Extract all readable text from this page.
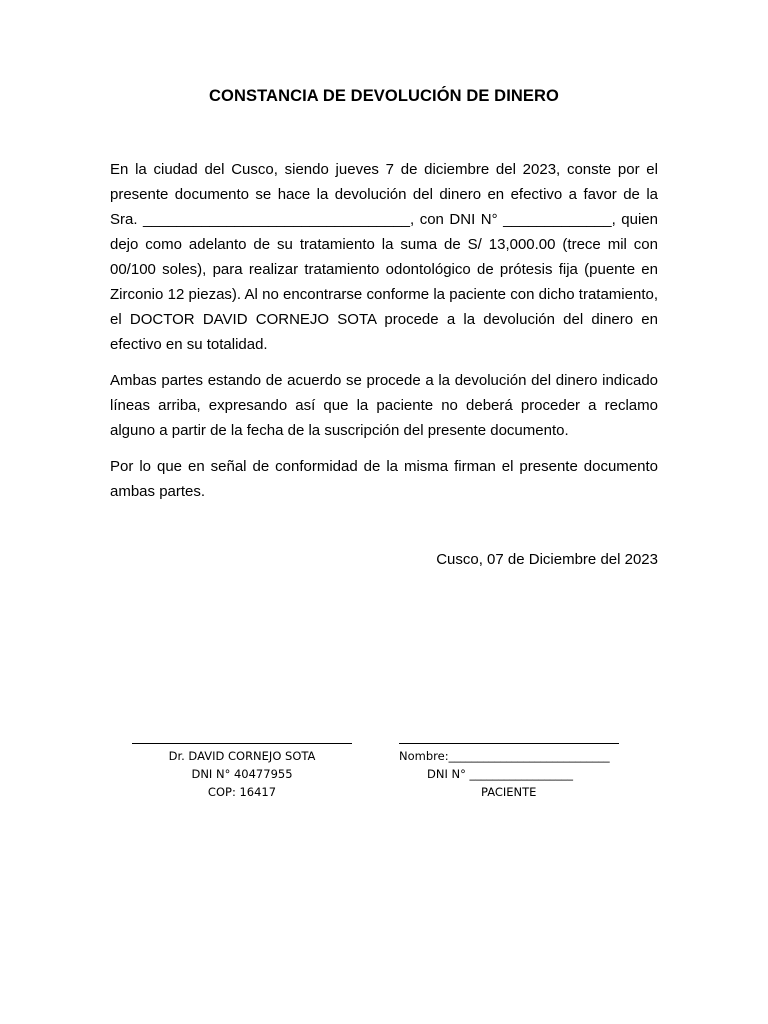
CONSTANCIA DE DEVOLUCIÓN DE DINERO

En la ciudad del Cusco, siendo jueves 7 de diciembre del 2023, conste por el presente documento se hace la devolución del dinero en efectivo a favor de la Sra. ________________________________, con DNI N° _____________, quien dejo como adelanto de su tratamiento la suma de S/ 13,000.00 (trece mil con 00/100 soles), para realizar tratamiento odontológico de prótesis fija (puente en Zirconio 12 piezas). Al no encontrarse conforme la paciente con dicho tratamiento, el DOCTOR DAVID CORNEJO SOTA procede a la devolución del dinero en efectivo en su totalidad.

Ambas partes estando de acuerdo se procede a la devolución del dinero indicado líneas arriba, expresando así que la paciente no deberá proceder a reclamo alguno a partir de la fecha de la suscripción del presente documento.

Por lo que en señal de conformidad de la misma firman el presente documento ambas partes.

Cusco, 07 de Diciembre del 2023
Dr. DAVID CORNEJO SOTA
DNI N° 40477955
COP: 16417
Nombre:____________________________
DNI N° __________________
PACIENTE
